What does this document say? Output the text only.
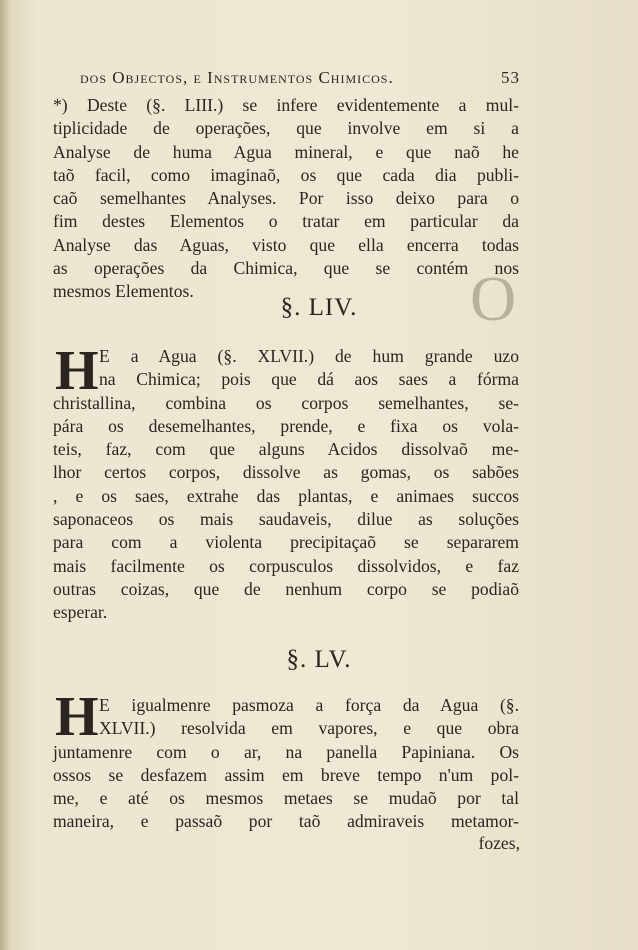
O
dos Objectos, e Instrumentos Chimicos.	53
*) Deste (§. LIII.) se infere evidentemente a mul-
tiplicidade de operações, que involve em si a
Analyse de huma Agua mineral, e que naõ he
taõ facil, como imaginaõ, os que cada dia publi-
caõ semelhantes Analyses. Por isso deixo para o
fim destes Elementos o tratar em particular da
Analyse das Aguas, visto que ella encerra todas
as operações da Chimica, que se contém nos
mesmos Elementos.
§. LIV.
H E a Agua (§. XLVII.) de hum grande uzo
na Chimica; pois que dá aos saes a fórma
christallina, combina os corpos semelhantes, se-
pára os desemelhantes, prende, e fixa os vola-
teis, faz, com que alguns Acidos dissolvaõ me-
lhor certos corpos, dissolve as gomas, os sabões
, e os saes, extrahe das plantas, e animaes succos
saponaceos os mais saudaveis, dilue as soluções
para com a violenta precipitaçaõ se separarem
mais facilmente os corpusculos dissolvidos, e faz
outras coizas, que de nenhum corpo se podiaõ
esperar.
§. LV.
H E igualmenre pasmoza a força da Agua (§.
XLVII.) resolvida em vapores, e que obra
juntamenre com o ar, na panella Papiniana. Os
ossos se desfazem assim em breve tempo n'um pol-
me, e até os mesmos metaes se mudaõ por tal
maneira, e passaõ por taõ admiraveis metamor-
fozes,
